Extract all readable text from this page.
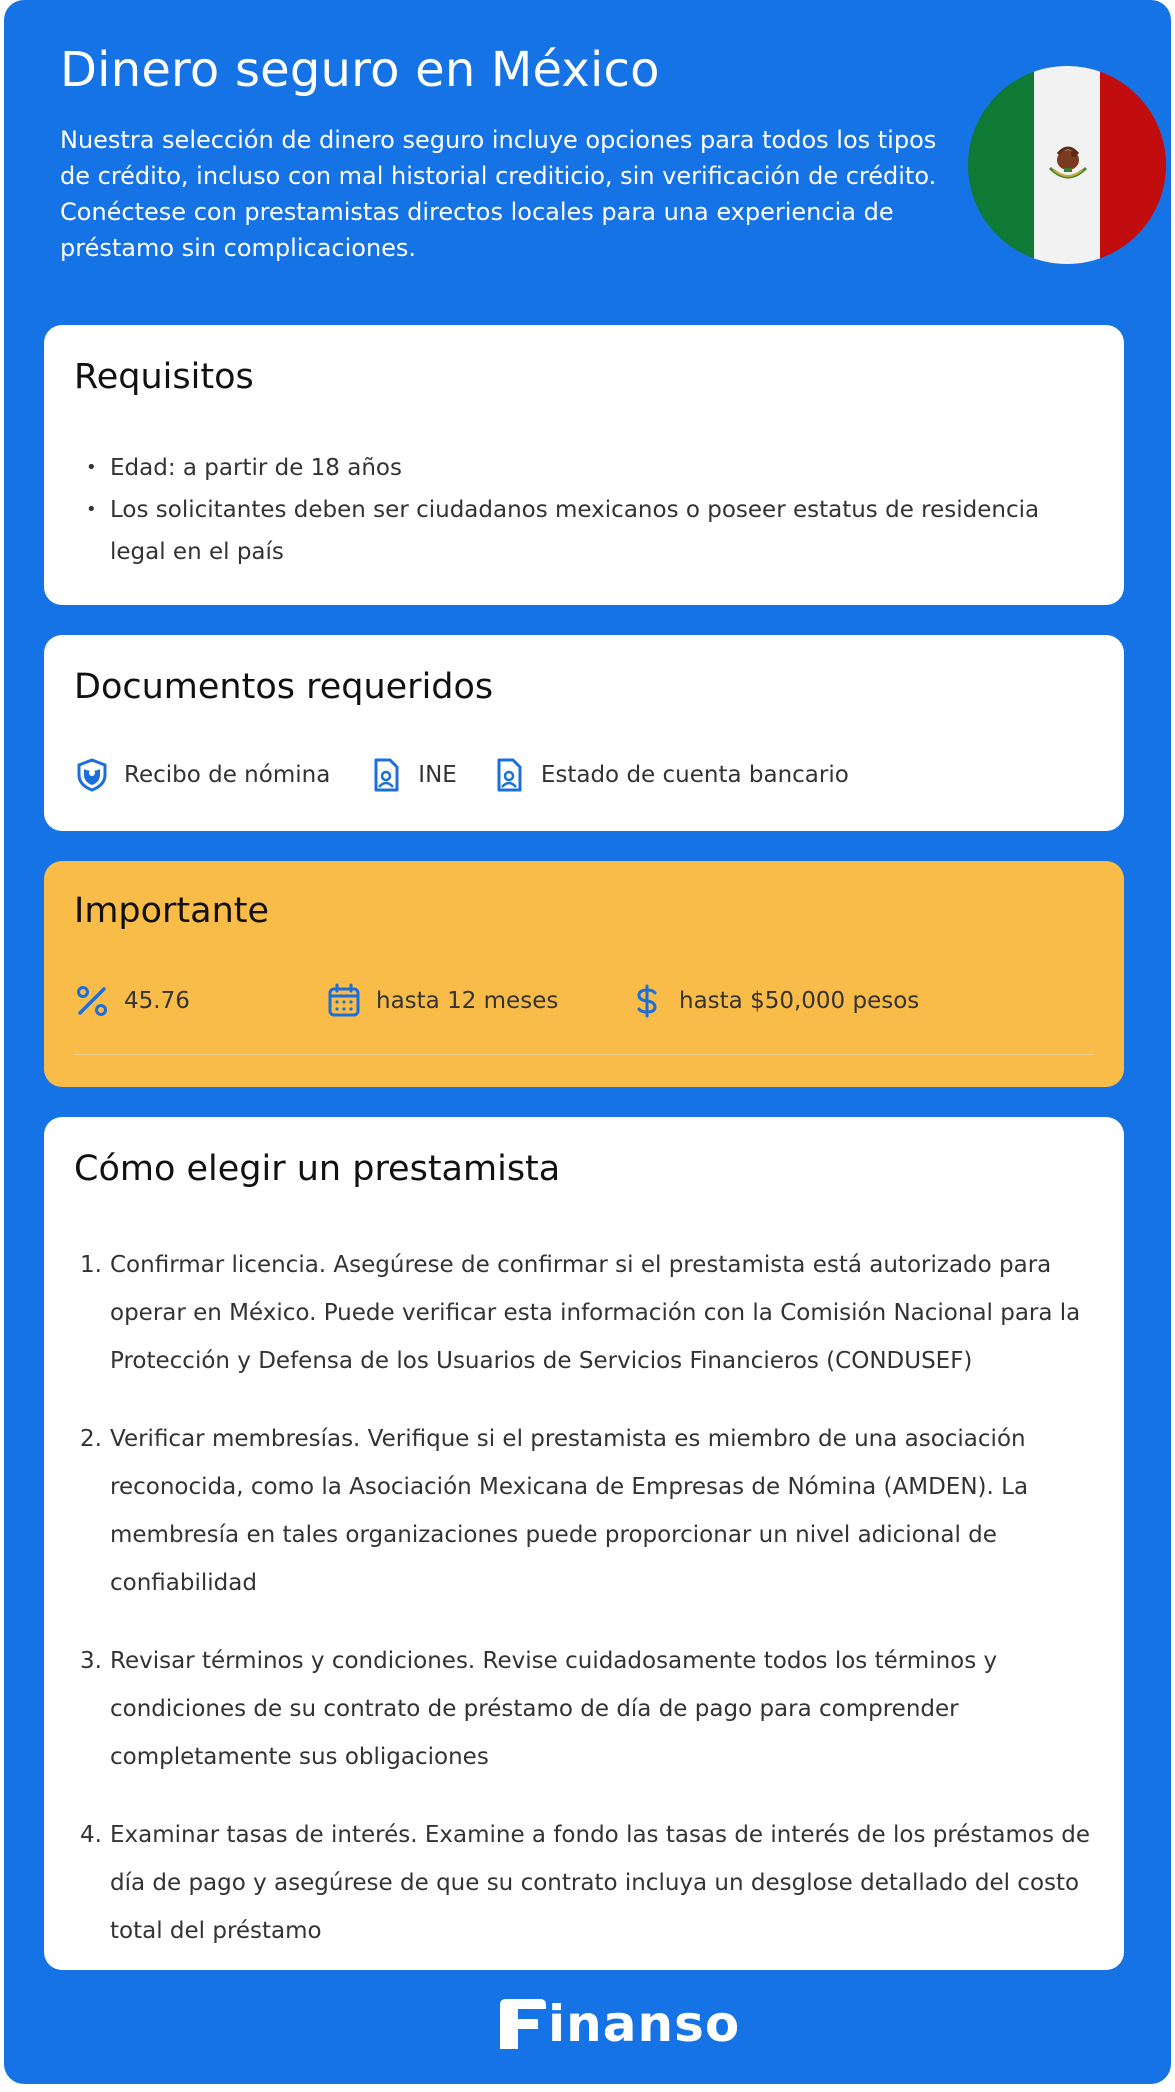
Dinero seguro en México

Nuestra selección de dinero seguro incluye opciones para todos los tipos de crédito, incluso con mal historial crediticio, sin verificación de crédito. Conéctese con prestamistas directos locales para una experiencia de préstamo sin complicaciones.

Requisitos
• Edad: a partir de 18 años
• Los solicitantes deben ser ciudadanos mexicanos o poseer estatus de residencia legal en el país
Documentos requeridos
Recibo de nómina	INE	Estado de cuenta bancario
Importante
45.76	hasta 12 meses	hasta $50,000 pesos
Cómo elegir un prestamista
1. Confirmar licencia. Asegúrese de confirmar si el prestamista está autorizado para operar en México. Puede verificar esta información con la Comisión Nacional para la Protección y Defensa de los Usuarios de Servicios Financieros (CONDUSEF)
2. Verificar membresías. Verifique si el prestamista es miembro de una asociación reconocida, como la Asociación Mexicana de Empresas de Nómina (AMDEN). La membresía en tales organizaciones puede proporcionar un nivel adicional de confiabilidad
3. Revisar términos y condiciones. Revise cuidadosamente todos los términos y condiciones de su contrato de préstamo de día de pago para comprender completamente sus obligaciones
4. Examinar tasas de interés. Examine a fondo las tasas de interés de los préstamos de día de pago y asegúrese de que su contrato incluya un desglose detallado del costo total del préstamo
inanso
